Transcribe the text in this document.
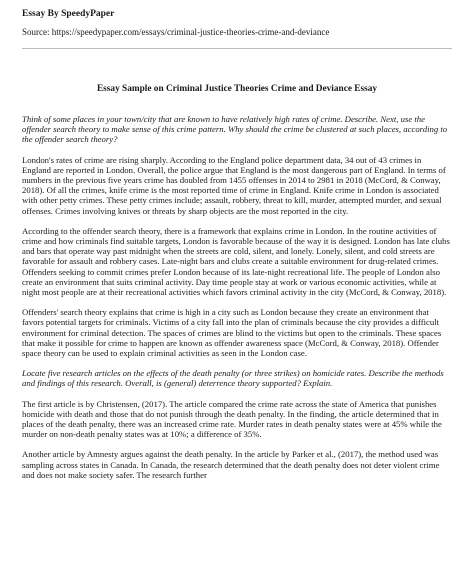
Essay By SpeedyPaper
Source: https://speedypaper.com/essays/criminal-justice-theories-crime-and-deviance
Essay Sample on Criminal Justice Theories Crime and Deviance Essay

Think of some places in your town/city that are known to have relatively high rates of crime. Describe. Next, use the offender search theory to make sense of this crime pattern. Why should the crime be clustered at such places, according to the offender search theory?

London's rates of crime are rising sharply. According to the England police department data, 34 out of 43 crimes in England are reported in London. Overall, the police argue that England is the most dangerous part of England. In terms of numbers in the previous five years crime has doubled from 1455 offenses in 2014 to 2981 in 2018 (McCord, & Conway, 2018). Of all the crimes, knife crime is the most reported time of crime in England. Knife crime in London is associated with other petty crimes. These petty crimes include; assault, robbery, threat to kill, murder, attempted murder, and sexual offenses. Crimes involving knives or threats by sharp objects are the most reported in the city.

According to the offender search theory, there is a framework that explains crime in London. In the routine activities of crime and how criminals find suitable targets, London is favorable because of the way it is designed. London has late clubs and bars that operate way past midnight when the streets are cold, silent, and lonely. Lonely, silent, and cold streets are favorable for assault and robbery cases. Late-night bars and clubs create a suitable environment for drug-related crimes. Offenders seeking to commit crimes prefer London because of its late-night recreational life. The people of London also create an environment that suits criminal activity. Day time people stay at work or various economic activities, while at night most people are at their recreational activities which favors criminal activity in the city (McCord, & Conway, 2018).

Offenders' search theory explains that crime is high in a city such as London because they create an environment that favors potential targets for criminals. Victims of a city fall into the plan of criminals because the city provides a difficult environment for criminal detection. The spaces of crimes are blind to the victims but open to the criminals. These spaces that make it possible for crime to happen are known as offender awareness space (McCord, & Conway, 2018). Offender space theory can be used to explain criminal activities as seen in the London case.

Locate five research articles on the effects of the death penalty (or three strikes) on homicide rates. Describe the methods and findings of this research. Overall, is (general) deterrence theory supported? Explain.

The first article is by Christensen, (2017). The article compared the crime rate across the state of America that punishes homicide with death and those that do not punish through the death penalty. In the finding, the article determined that in places of the death penalty, there was an increased crime rate. Murder rates in death penalty states were at 45% while the murder on non-death penalty states was at 10%; a difference of 35%.

Another article by Amnesty argues against the death penalty. In the article by Parker et al., (2017), the method used was sampling across states in Canada. In Canada, the research determined that the death penalty does not deter violent crime and does not make society safer. The research further
